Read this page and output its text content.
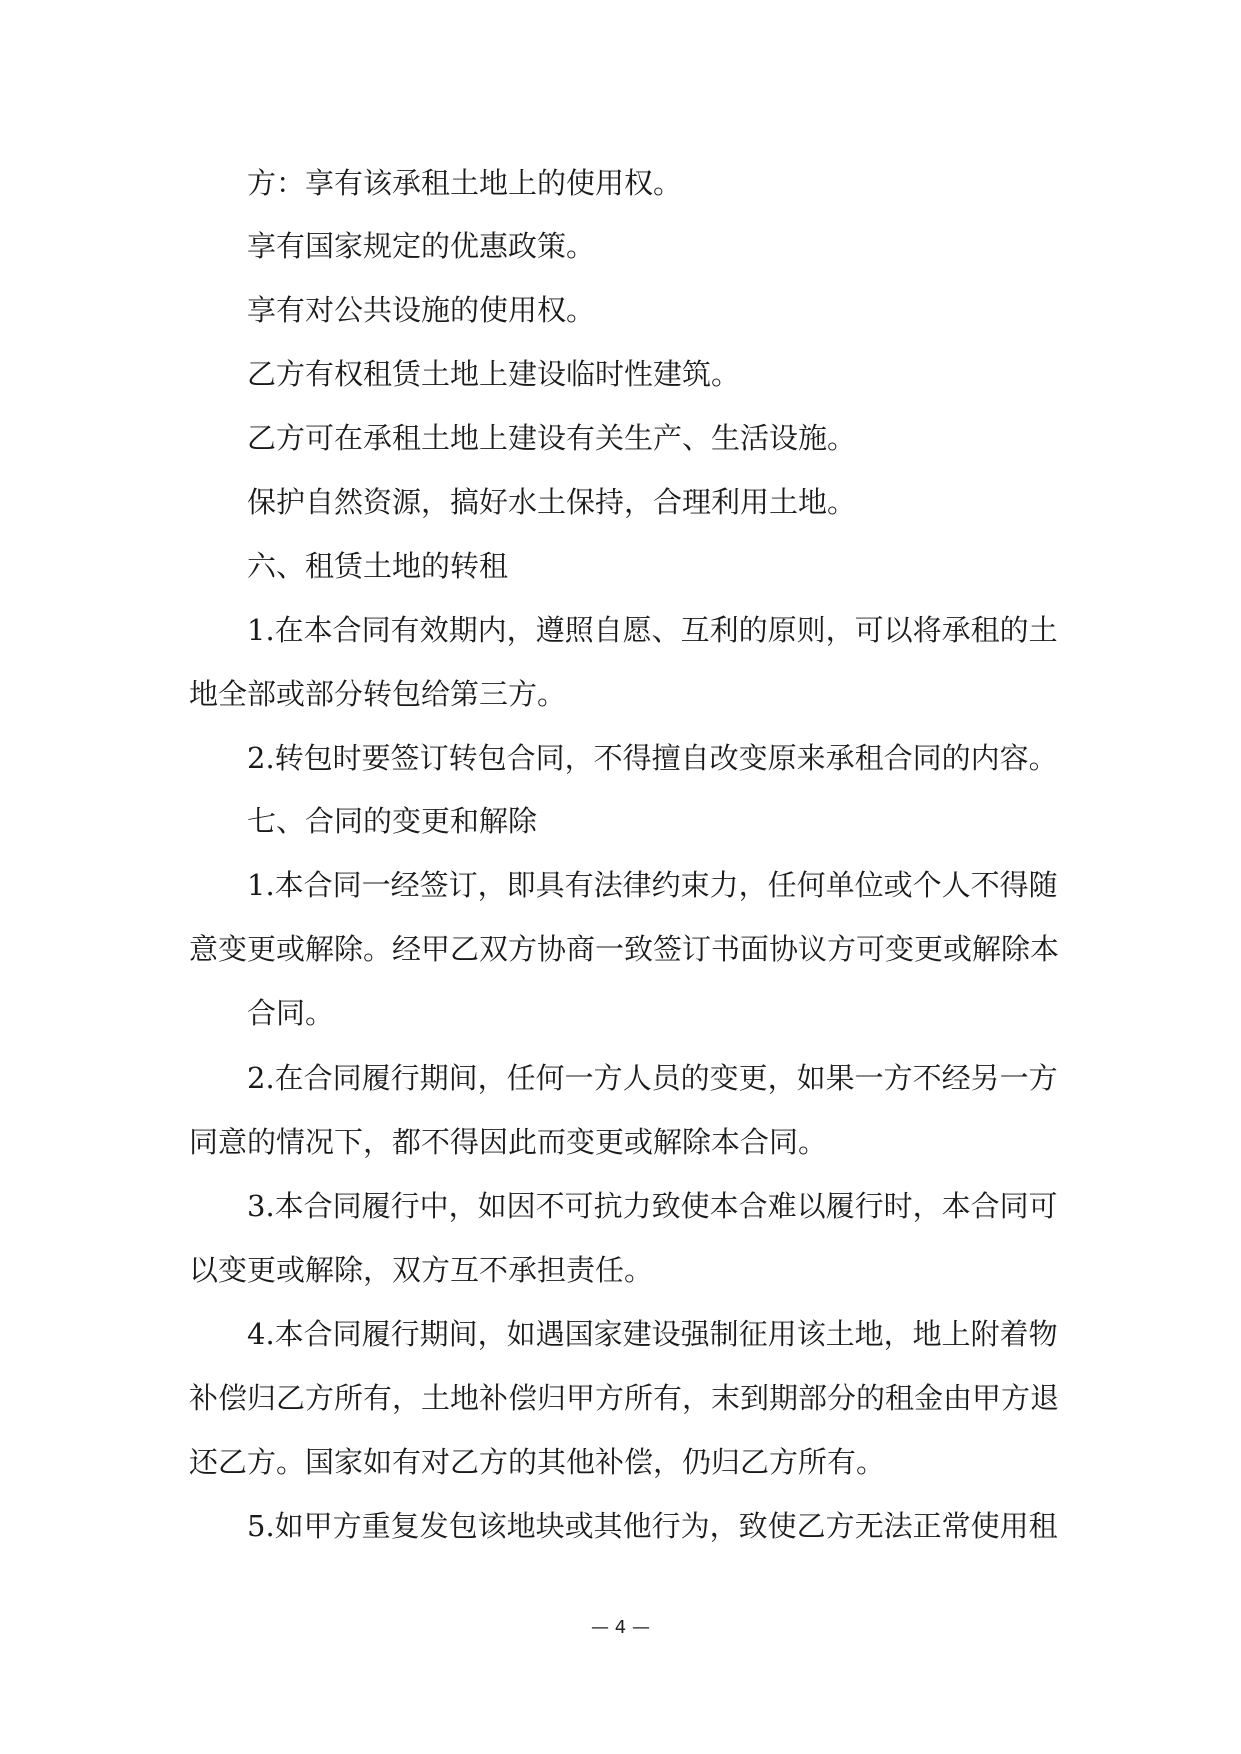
方：享有该承租土地上的使用权。
享有国家规定的优惠政策。
享有对公共设施的使用权。
乙方有权租赁土地上建设临时性建筑。
乙方可在承租土地上建设有关生产、生活设施。
保护自然资源，搞好水土保持，合理利用土地。
六、租赁土地的转租
1.在本合同有效期内，遵照自愿、互利的原则，可以将承租的土
地全部或部分转包给第三方。
2.转包时要签订转包合同，不得擅自改变原来承租合同的内容。
七、合同的变更和解除
1.本合同一经签订，即具有法律约束力，任何单位或个人不得随
意变更或解除。经甲乙双方协商一致签订书面协议方可变更或解除本
合同。
2.在合同履行期间，任何一方人员的变更，如果一方不经另一方
同意的情况下，都不得因此而变更或解除本合同。
3.本合同履行中，如因不可抗力致使本合难以履行时，本合同可
以变更或解除，双方互不承担责任。
4.本合同履行期间，如遇国家建设强制征用该土地，地上附着物
补偿归乙方所有，土地补偿归甲方所有，末到期部分的租金由甲方退
还乙方。国家如有对乙方的其他补偿，仍归乙方所有。
5.如甲方重复发包该地块或其他行为，致使乙方无法正常使用租
— 4 —
